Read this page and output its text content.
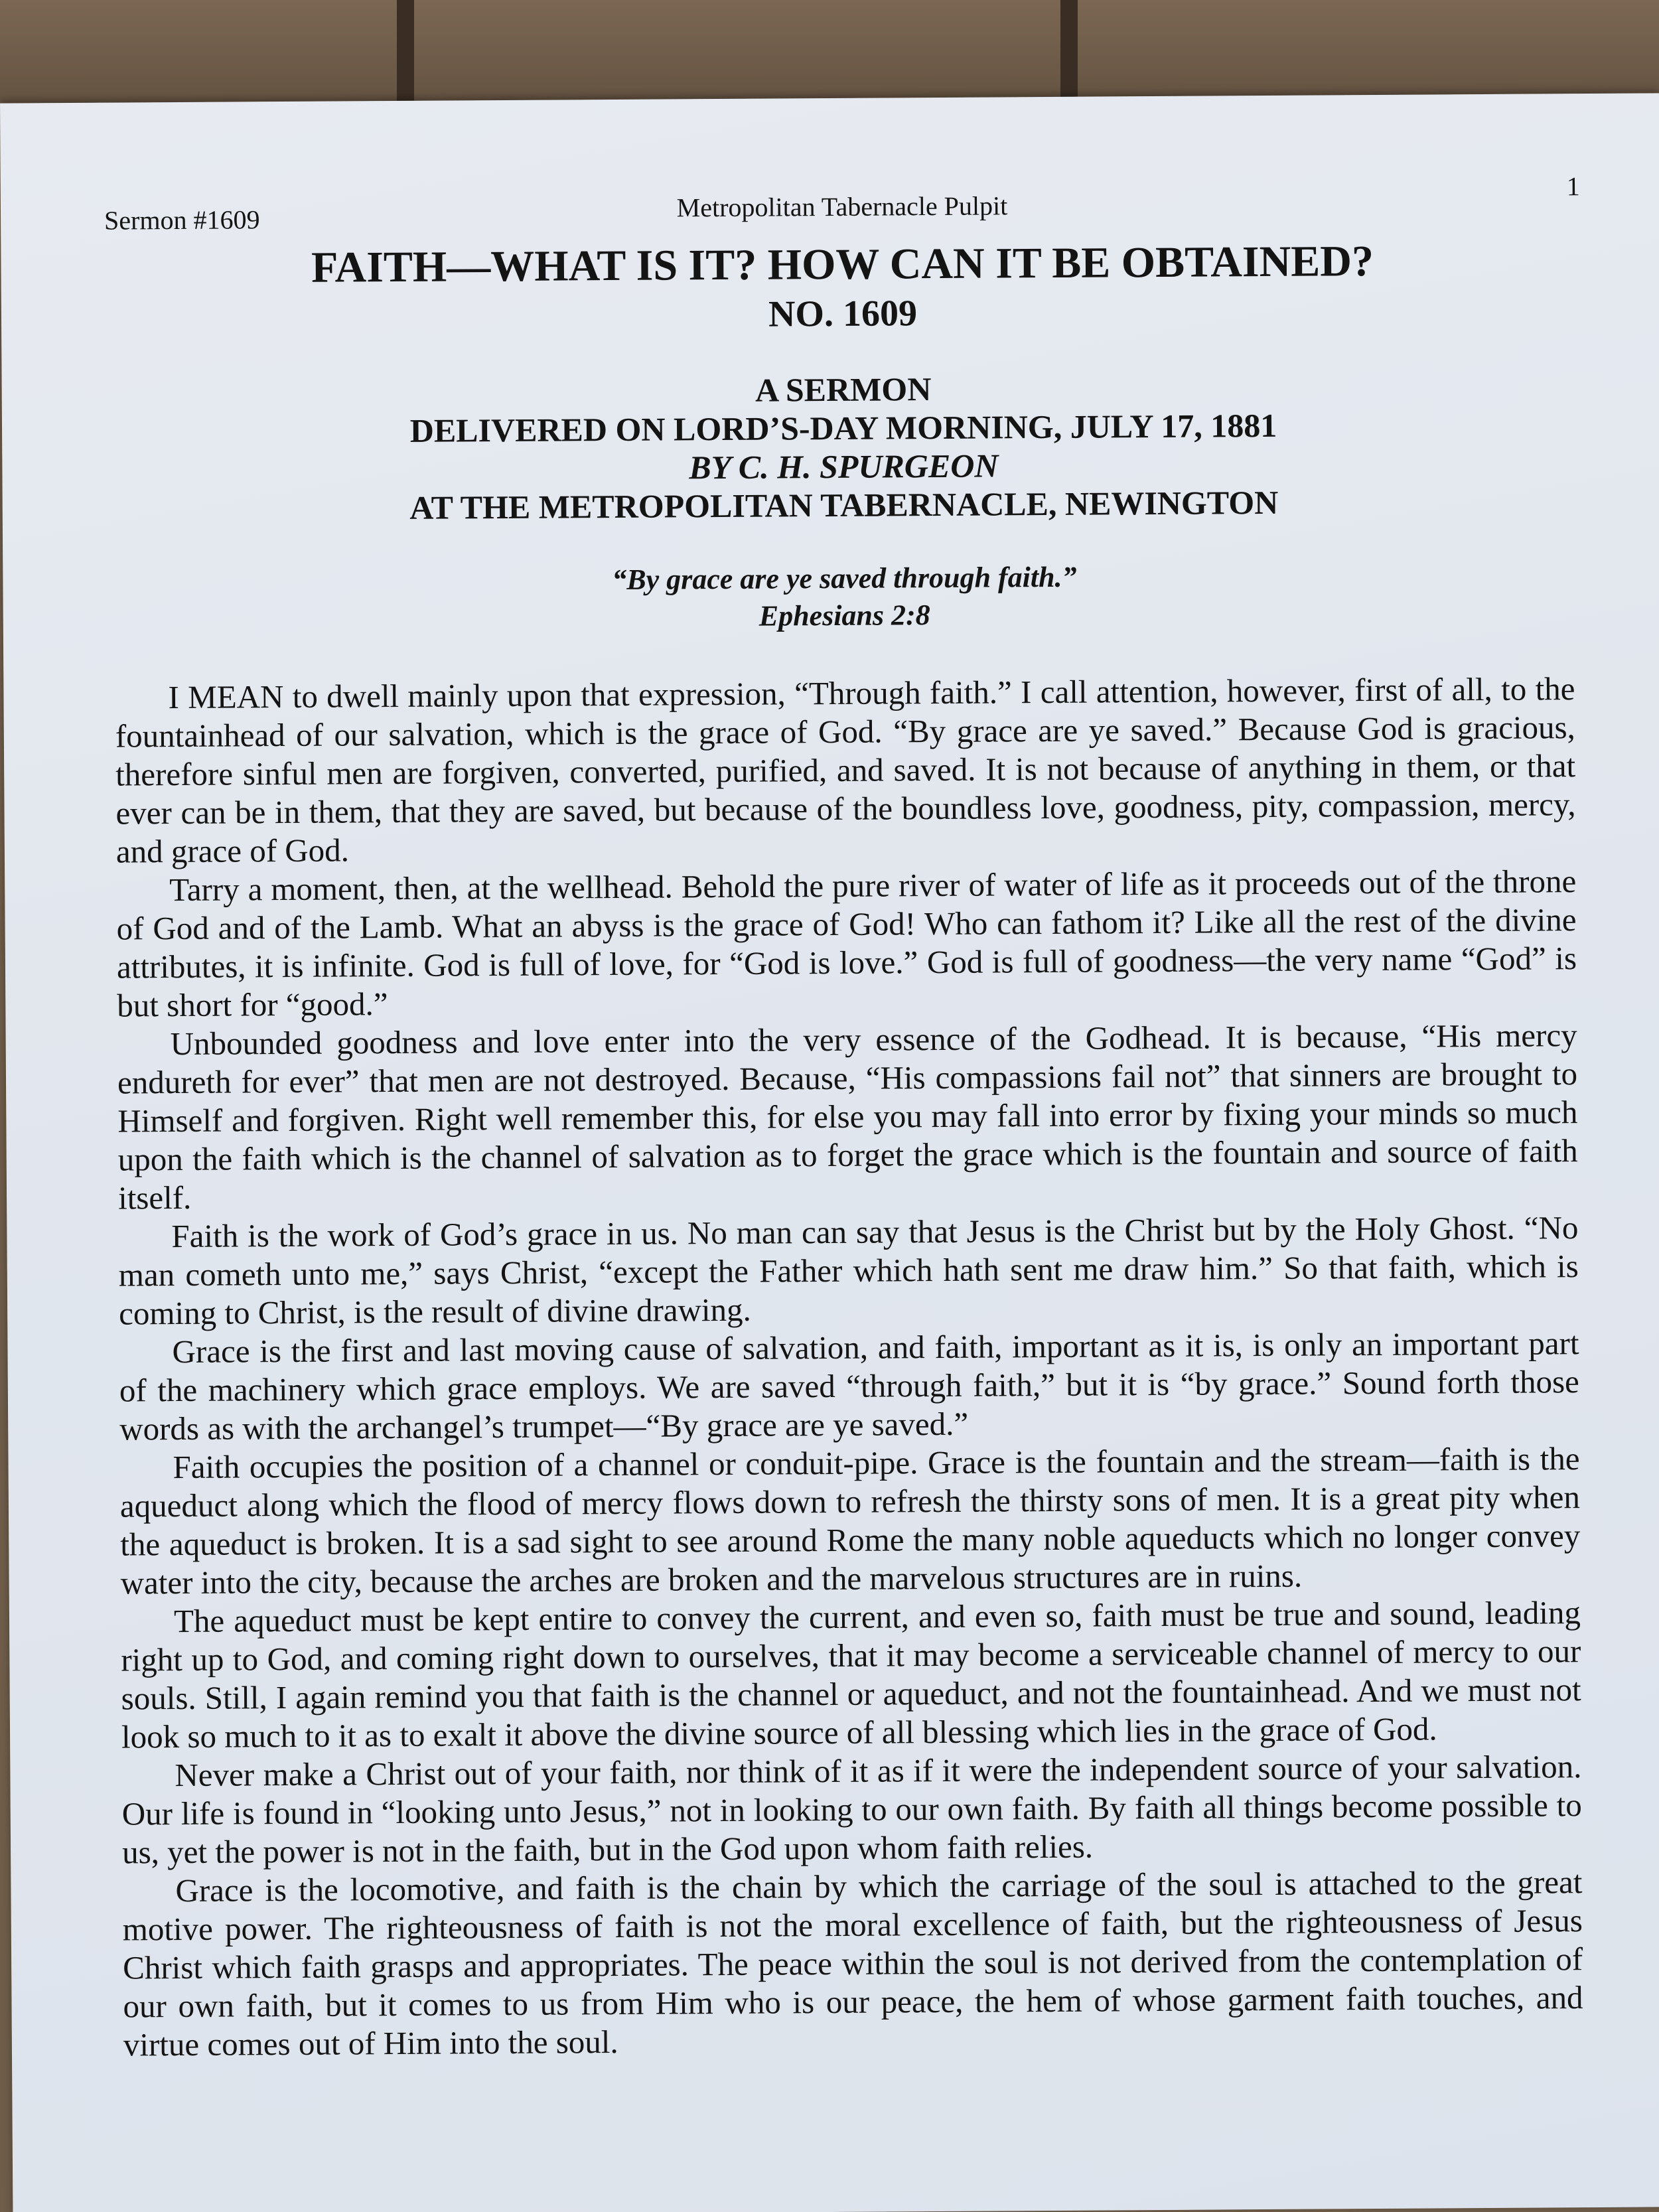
Sermon #1609	Metropolitan Tabernacle Pulpit
1
FAITH—WHAT IS IT? HOW CAN IT BE OBTAINED?
NO. 1609
A SERMON
DELIVERED ON LORD’S-DAY MORNING, JULY 17, 1881
BY C. H. SPURGEON
AT THE METROPOLITAN TABERNACLE, NEWINGTON
“By grace are ye saved through faith.”
Ephesians 2:8

I MEAN to dwell mainly upon that expression, “Through faith.” I call attention, however, first of all, to the fountainhead of our salvation, which is the grace of God. “By grace are ye saved.” Because God is gracious, therefore sinful men are forgiven, converted, purified, and saved. It is not because of anything in them, or that ever can be in them, that they are saved, but because of the boundless love, goodness, pity, compassion, mercy, and grace of God.

Tarry a moment, then, at the wellhead. Behold the pure river of water of life as it proceeds out of the throne of God and of the Lamb. What an abyss is the grace of God! Who can fathom it? Like all the rest of the divine attributes, it is infinite. God is full of love, for “God is love.” God is full of goodness—the very name “God” is but short for “good.”

Unbounded goodness and love enter into the very essence of the Godhead. It is because, “His mercy endureth for ever” that men are not destroyed. Because, “His compassions fail not” that sinners are brought to Himself and forgiven. Right well remember this, for else you may fall into error by fixing your minds so much upon the faith which is the channel of salvation as to forget the grace which is the fountain and source of faith itself.

Faith is the work of God’s grace in us. No man can say that Jesus is the Christ but by the Holy Ghost. “No man cometh unto me,” says Christ, “except the Father which hath sent me draw him.” So that faith, which is coming to Christ, is the result of divine drawing.

Grace is the first and last moving cause of salvation, and faith, important as it is, is only an important part of the machinery which grace employs. We are saved “through faith,” but it is “by grace.” Sound forth those words as with the archangel’s trumpet—“By grace are ye saved.”

Faith occupies the position of a channel or conduit-pipe. Grace is the fountain and the stream—faith is the aqueduct along which the flood of mercy flows down to refresh the thirsty sons of men. It is a great pity when the aqueduct is broken. It is a sad sight to see around Rome the many noble aqueducts which no longer convey water into the city, because the arches are broken and the marvelous structures are in ruins.

The aqueduct must be kept entire to convey the current, and even so, faith must be true and sound, leading right up to God, and coming right down to ourselves, that it may become a serviceable channel of mercy to our souls. Still, I again remind you that faith is the channel or aqueduct, and not the fountainhead. And we must not look so much to it as to exalt it above the divine source of all blessing which lies in the grace of God.

Never make a Christ out of your faith, nor think of it as if it were the independent source of your salvation. Our life is found in “looking unto Jesus,” not in looking to our own faith. By faith all things become possible to us, yet the power is not in the faith, but in the God upon whom faith relies.

Grace is the locomotive, and faith is the chain by which the carriage of the soul is attached to the great motive power. The righteousness of faith is not the moral excellence of faith, but the righteousness of Jesus Christ which faith grasps and appropriates. The peace within the soul is not derived from the contemplation of our own faith, but it comes to us from Him who is our peace, the hem of whose garment faith touches, and virtue comes out of Him into the soul.
